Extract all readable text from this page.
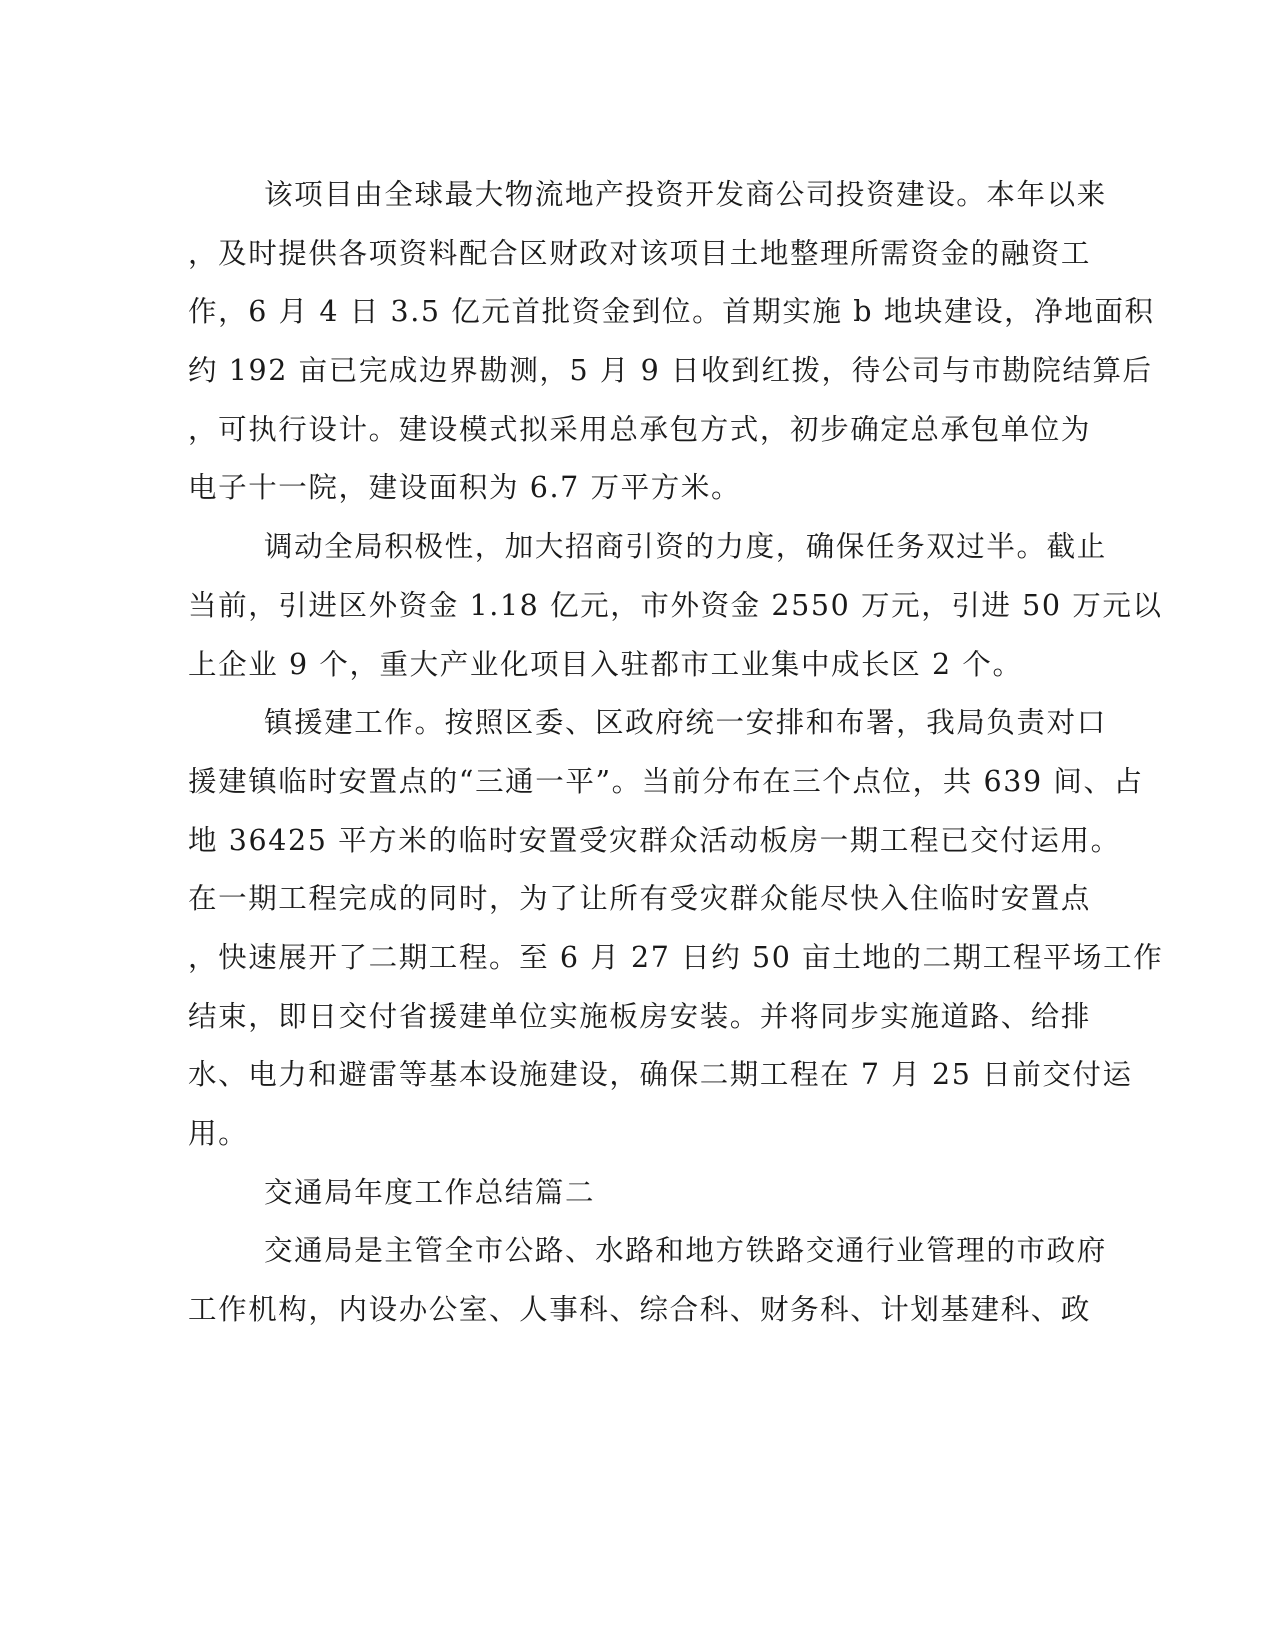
该项目由全球最大物流地产投资开发商公司投资建设。本年以来
，及时提供各项资料配合区财政对该项目土地整理所需资金的融资工
作，6 月 4 日 3.5 亿元首批资金到位。首期实施 b 地块建设，净地面积
约 192 亩已完成边界勘测，5 月 9 日收到红拨，待公司与市勘院结算后
，可执行设计。建设模式拟采用总承包方式，初步确定总承包单位为
电子十一院，建设面积为 6.7 万平方米。
调动全局积极性，加大招商引资的力度，确保任务双过半。截止
当前，引进区外资金 1.18 亿元，市外资金 2550 万元，引进 50 万元以
上企业 9 个，重大产业化项目入驻都市工业集中成长区 2 个。
镇援建工作。按照区委、区政府统一安排和布署，我局负责对口
援建镇临时安置点的“三通一平”。当前分布在三个点位，共 639 间、占
地 36425 平方米的临时安置受灾群众活动板房一期工程已交付运用。
在一期工程完成的同时，为了让所有受灾群众能尽快入住临时安置点
，快速展开了二期工程。至 6 月 27 日约 50 亩土地的二期工程平场工作
结束，即日交付省援建单位实施板房安装。并将同步实施道路、给排
水、电力和避雷等基本设施建设，确保二期工程在 7 月 25 日前交付运
用。
交通局年度工作总结篇二
交通局是主管全市公路、水路和地方铁路交通行业管理的市政府
工作机构，内设办公室、人事科、综合科、财务科、计划基建科、政
